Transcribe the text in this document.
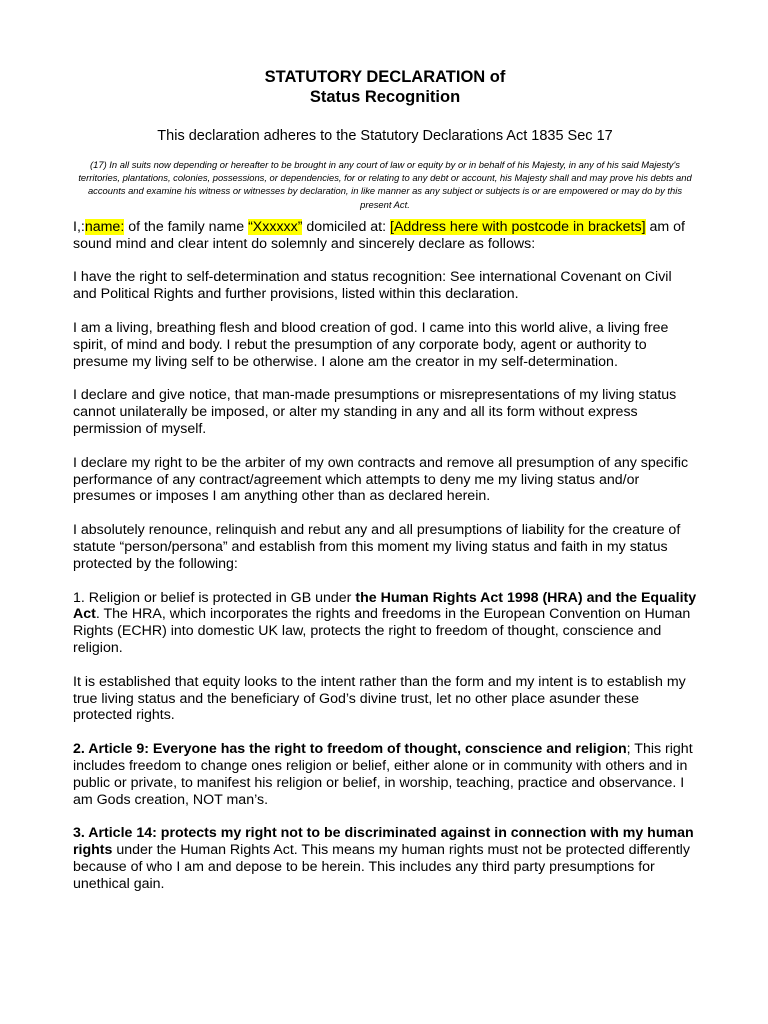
STATUTORY DECLARATION of
Status Recognition
This declaration adheres to the Statutory Declarations Act 1835 Sec 17
(17) In all suits now depending or hereafter to be brought in any court of law or equity by or in behalf of his Majesty, in any of his said Majesty's territories, plantations, colonies, possessions, or dependencies, for or relating to any debt or account, his Majesty shall and may prove his debts and accounts and examine his witness or witnesses by declaration, in like manner as any subject or subjects is or are empowered or may do by this present Act.
I,:name: of the family name “Xxxxxx” domiciled at: [Address here with postcode in brackets] am of sound mind and clear intent do solemnly and sincerely declare as follows:
I have the right to self-determination and status recognition: See international Covenant on Civil and Political Rights and further provisions, listed within this declaration.
I am a living, breathing flesh and blood creation of god. I came into this world alive, a living free spirit, of mind and body. I rebut the presumption of any corporate body, agent or authority to presume my living self to be otherwise. I alone am the creator in my self-determination.
I declare and give notice, that man-made presumptions or misrepresentations of my living status cannot unilaterally be imposed, or alter my standing in any and all its form without express permission of myself.
I declare my right to be the arbiter of my own contracts and remove all presumption of any specific performance of any contract/agreement which attempts to deny me my living status and/or presumes or imposes I am anything other than as declared herein.
I absolutely renounce, relinquish and rebut any and all presumptions of liability for the creature of statute “person/persona” and establish from this moment my living status and faith in my status protected by the following:
1. Religion or belief is protected in GB under the Human Rights Act 1998 (HRA) and the Equality Act. The HRA, which incorporates the rights and freedoms in the European Convention on Human Rights (ECHR) into domestic UK law, protects the right to freedom of thought, conscience and religion.
It is established that equity looks to the intent rather than the form and my intent is to establish my true living status and the beneficiary of God’s divine trust, let no other place asunder these protected rights.
2. Article 9: Everyone has the right to freedom of thought, conscience and religion; This right includes freedom to change ones religion or belief, either alone or in community with others and in public or private, to manifest his religion or belief, in worship, teaching, practice and observance. I am Gods creation, NOT man’s.
3. Article 14: protects my right not to be discriminated against in connection with my human rights under the Human Rights Act. This means my human rights must not be protected differently because of who I am and depose to be herein. This includes any third party presumptions for unethical gain.
